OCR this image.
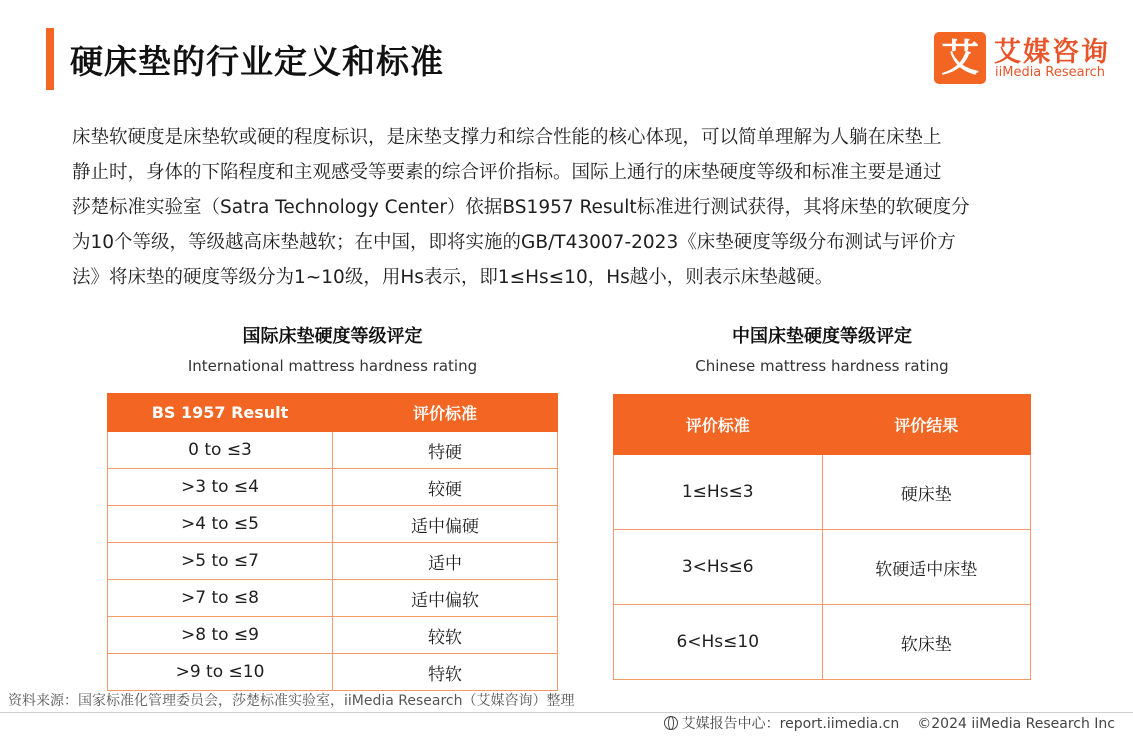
硬床垫的行业定义和标准	艾 艾媒咨询
iiMedia Research

床垫软硬度是床垫软或硬的程度标识，是床垫支撑力和综合性能的核心体现，可以简单理解为人躺在床垫上

静止时，身体的下陷程度和主观感受等要素的综合评价指标。国际上通行的床垫硬度等级和标准主要是通过

莎楚标准实验室（Satra Technology Center）依据BS1957 Result标准进行测试获得，其将床垫的软硬度分

为10个等级，等级越高床垫越软；在中国，即将实施的GB/T43007-2023《床垫硬度等级分布测试与评价方

法》将床垫的硬度等级分为1~10级，用Hs表示，即1≤Hs≤10，Hs越小，则表示床垫越硬。

国际床垫硬度等级评定
International mattress hardness rating
BS 1957 Result	评价标准
0 to ≤3	特硬
>3 to ≤4	较硬
>4 to ≤5	适中偏硬
>5 to ≤7	适中
>7 to ≤8	适中偏软
>8 to ≤9	较软
>9 to ≤10	特软
中国床垫硬度等级评定
Chinese mattress hardness rating
评价标准	评价结果
1≤Hs≤3	硬床垫
3<Hs≤6	软硬适中床垫
6<Hs≤10	软床垫
资料来源：国家标准化管理委员会，莎楚标准实验室，iiMedia Research（艾媒咨询）整理
艾媒报告中心：report.iimedia.cn ©2024 iiMedia Research Inc
